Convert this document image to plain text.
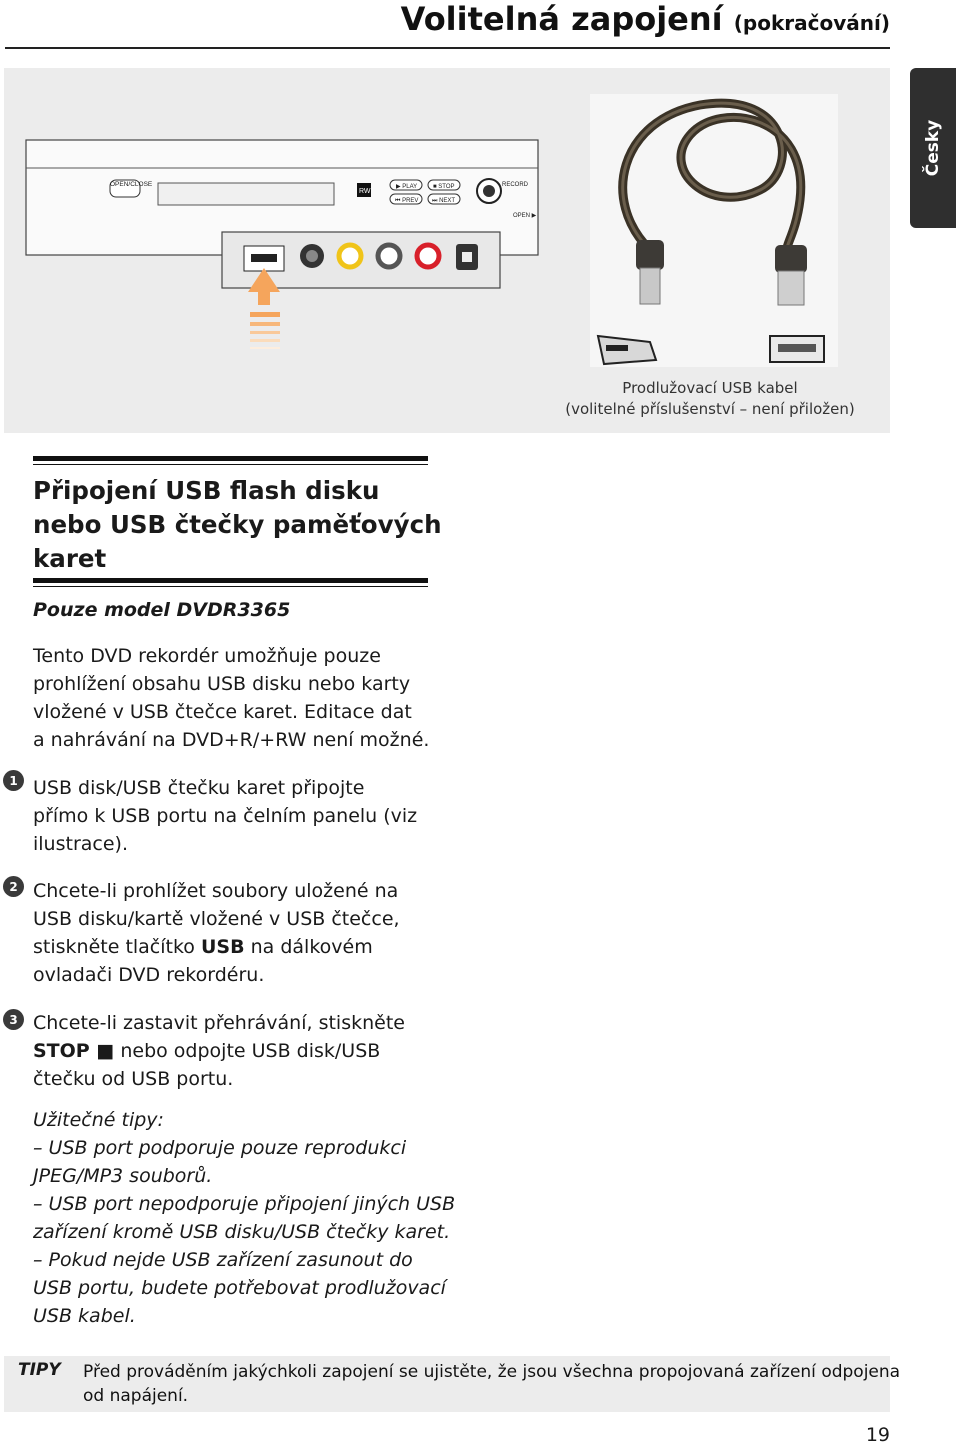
Volitelná zapojení (pokračování)
Česky
OPEN/CLOSE
RW
▶ PLAY	■ STOP
⏮ PREV ⏭ NEXT
RECORD
OPEN ▶
Prodlužovací USB kabel
(volitelné příslušenství – není přiložen)
Připojení USB flash disku
nebo USB čtečky paměťových
karet
Pouze model DVDR3365
Tento DVD rekordér umožňuje pouze
prohlížení obsahu USB disku nebo karty
vložené v USB čtečce karet. Editace dat
a nahrávání na DVD+R/+RW není možné.
1 USB disk/USB čtečku karet připojte
přímo k USB portu na čelním panelu (viz
ilustrace).
2 Chcete-li prohlížet soubory uložené na
USB disku/kartě vložené v USB čtečce,
stiskněte tlačítko USB na dálkovém
ovladači DVD rekordéru.
3 Chcete-li zastavit přehrávání, stiskněte
STOP ■ nebo odpojte USB disk/USB
čtečku od USB portu.
Užitečné tipy:
– USB port podporuje pouze reprodukci
JPEG/MP3 souborů.
– USB port nepodporuje připojení jiných USB
zařízení kromě USB disku/USB čtečky karet.
– Pokud nejde USB zařízení zasunout do
USB portu, budete potřebovat prodlužovací
USB kabel.
TIPY Před prováděním jakýchkoli zapojení se ujistěte, že jsou všechna propojovaná zařízení odpojena
od napájení.
19
